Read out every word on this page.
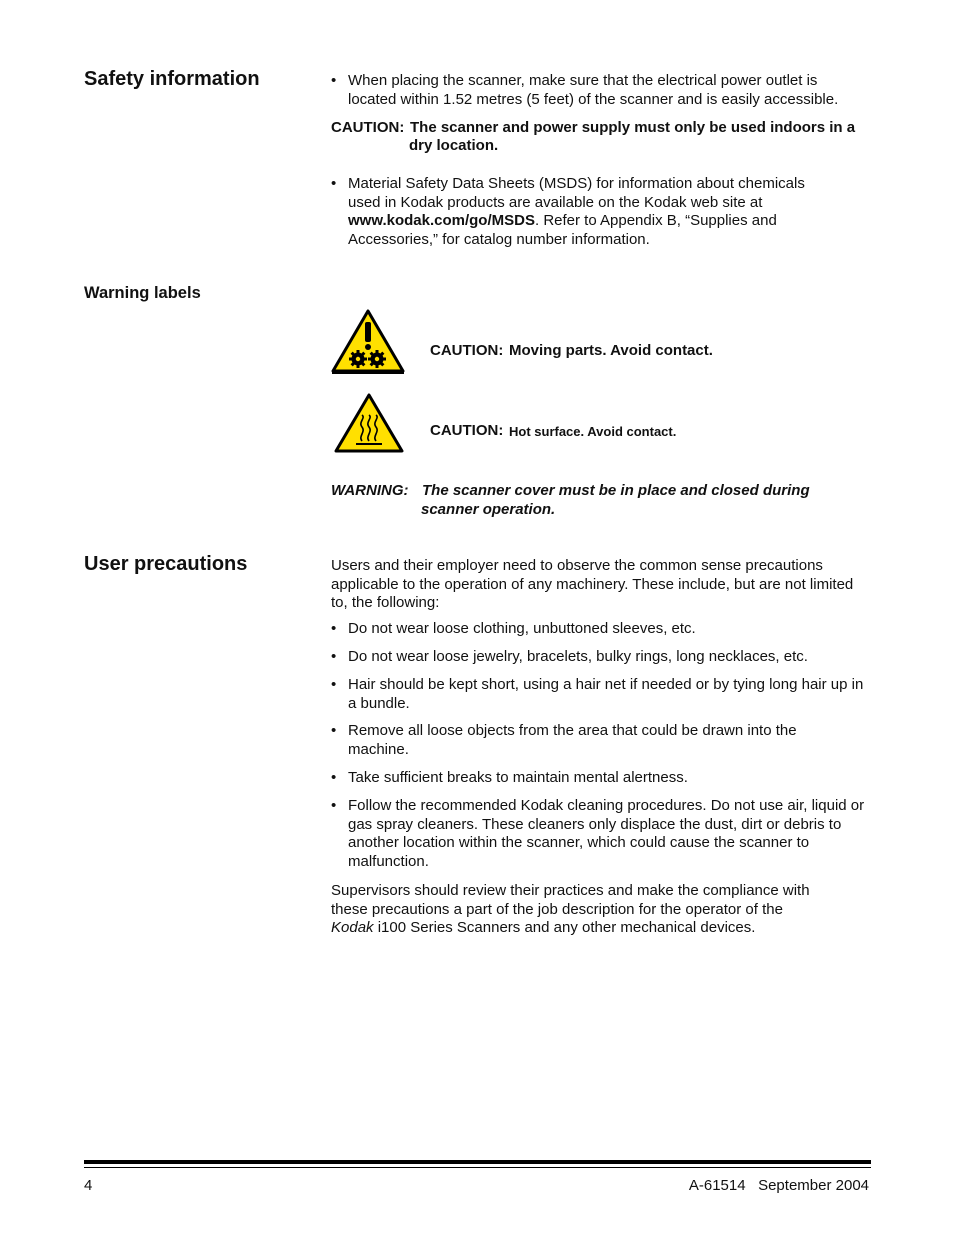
Safety information	• When placing the scanner, make sure that the electrical power outlet is located within 1.52 metres (5 feet) of the scanner and is easily accessible.
CAUTION: The scanner and power supply must only be used indoors in a
dry location.
• Material Safety Data Sheets (MSDS) for information about chemicals
used in Kodak products are available on the Kodak web site at
www.kodak.com/go/MSDS. Refer to Appendix B, “Supplies and
Accessories,” for catalog number information.
Warning labels
CAUTION: Moving parts. Avoid contact.
CAUTION: Hot surface. Avoid contact.
WARNING: The scanner cover must be in place and closed during
scanner operation.
User precautions	Users and their employer need to observe the common sense precautions
applicable to the operation of any machinery. These include, but are not limited
to, the following:
• Do not wear loose clothing, unbuttoned sleeves, etc.
• Do not wear loose jewelry, bracelets, bulky rings, long necklaces, etc.
• Hair should be kept short, using a hair net if needed or by tying long hair up in a bundle.
• Remove all loose objects from the area that could be drawn into the machine.
• Take sufficient breaks to maintain mental alertness.
• Follow the recommended Kodak cleaning procedures. Do not use air, liquid or gas spray cleaners. These cleaners only displace the dust, dirt or debris to another location within the scanner, which could cause the scanner to malfunction.
Supervisors should review their practices and make the compliance with
these precautions a part of the job description for the operator of the
Kodak i100 Series Scanners and any other mechanical devices.
4	A-61514   September 2004
